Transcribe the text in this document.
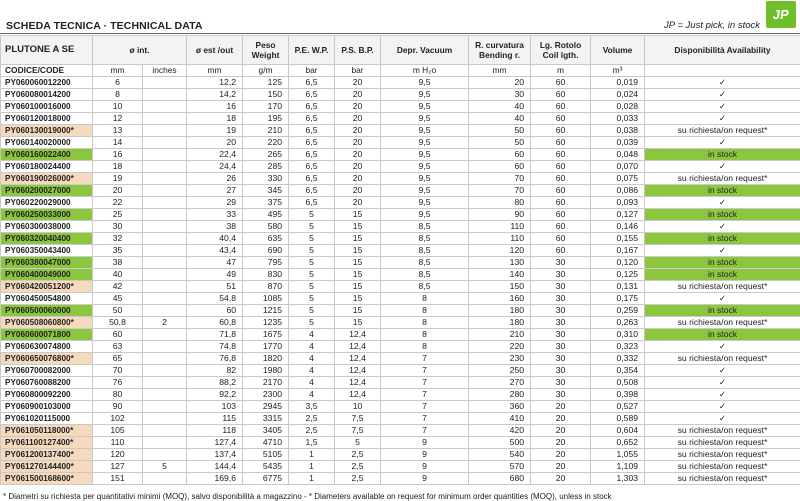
SCHEDA TECNICA · TECHNICAL DATA	JP = Just pick, in stock
JP
PLUTONE A SE	ø int.		ø est /out	Peso Weight	P.E. W.P.	P.S. B.P.	Depr. Vacuum	R. curvatura Bending r.	Lg. Rotolo Coil lgth.	Volume	Disponibilità Availability
CODICE/CODE	mm	inches	mm	g/m	bar	bar	m H₂o	mm	m	m³	
PY060060012200	6		12,2	125	6,5	20	9,5	20	60	0,019	✓
PY060080014200	8		14,2	150	6,5	20	9,5	30	60	0,024	✓
PY060100016000	10		16	170	6,5	20	9,5	40	60	0,028	✓
PY060120018000	12		18	195	6,5	20	9,5	40	60	0,033	✓
PY060130019000*	13		19	210	6,5	20	9,5	50	60	0,038	su richiesta/on request*
PY060140020000	14		20	220	6,5	20	9,5	50	60	0,039	✓
PY060160022400	16		22,4	265	6,5	20	9,5	60	60	0,048	in stock
PY060180024400	18		24,4	285	6,5	20	9,5	60	60	0,070	✓
PY060190026000*	19		26	330	6,5	20	9,5	70	60	0,075	su richiesta/on request*
PY060200027000	20		27	345	6,5	20	9,5	70	60	0,086	in stock
PY060220029000	22		29	375	6,5	20	9,5	80	60	0,093	✓
PY060250033000	25		33	495	5	15	9,5	90	60	0,127	in stock
PY060300038000	30		38	580	5	15	8,5	110	60	0,146	✓
PY060320040400	32		40,4	635	5	15	8,5	110	60	0,155	in stock
PY060350043400	35		43,4	690	5	15	8,5	120	60	0,167	✓
PY060380047000	38		47	795	5	15	8,5	130	30	0,120	in stock
PY060400049000	40		49	830	5	15	8,5	140	30	0,125	in stock
PY060420051200*	42		51	870	5	15	8,5	150	30	0,131	su richiesta/on request*
PY060450054800	45		54,8	1085	5	15	8	160	30	0,175	✓
PY060500060000	50		60	1215	5	15	8	180	30	0,259	in stock
PY060508060800*	50,8	2	60,8	1235	5	15	8	180	30	0,263	su richiesta/on request*
PY060600071800	60		71,8	1675	4	12,4	8	210	30	0,310	in stock
PY060630074800	63		74,8	1770	4	12,4	8	220	30	0,323	✓
PY060650076800*	65		76,8	1820	4	12,4	7	230	30	0,332	su richiesta/on request*
PY060700082000	70		82	1980	4	12,4	7	250	30	0,354	✓
PY060760088200	76		88,2	2170	4	12,4	7	270	30	0,508	✓
PY060800092200	80		92,2	2300	4	12,4	7	280	30	0,398	✓
PY060900103000	90		103	2945	3,5	10	7	360	20	0,527	✓
PY061020115000	102		115	3315	2,5	7,5	7	410	20	0,589	✓
PY061050118000*	105		118	3405	2,5	7,5	7	420	20	0,604	su richiesta/on request*
PY061100127400*	110		127,4	4710	1,5	5	9	500	20	0,652	su richiesta/on request*
PY061200137400*	120		137,4	5105	1	2,5	9	540	20	1,055	su richiesta/on request*
PY061270144400*	127	5	144,4	5435	1	2,5	9	570	20	1,109	su richiesta/on request*
PY061500168600*	151		169,6	6775	1	2,5	9	680	20	1,303	su richiesta/on request*
* Diametri su richiesta per quantitativi minimi (MOQ), salvo disponibilità a magazzino - * Diameters available on request for minimum order quantities (MOQ), unless in stock
